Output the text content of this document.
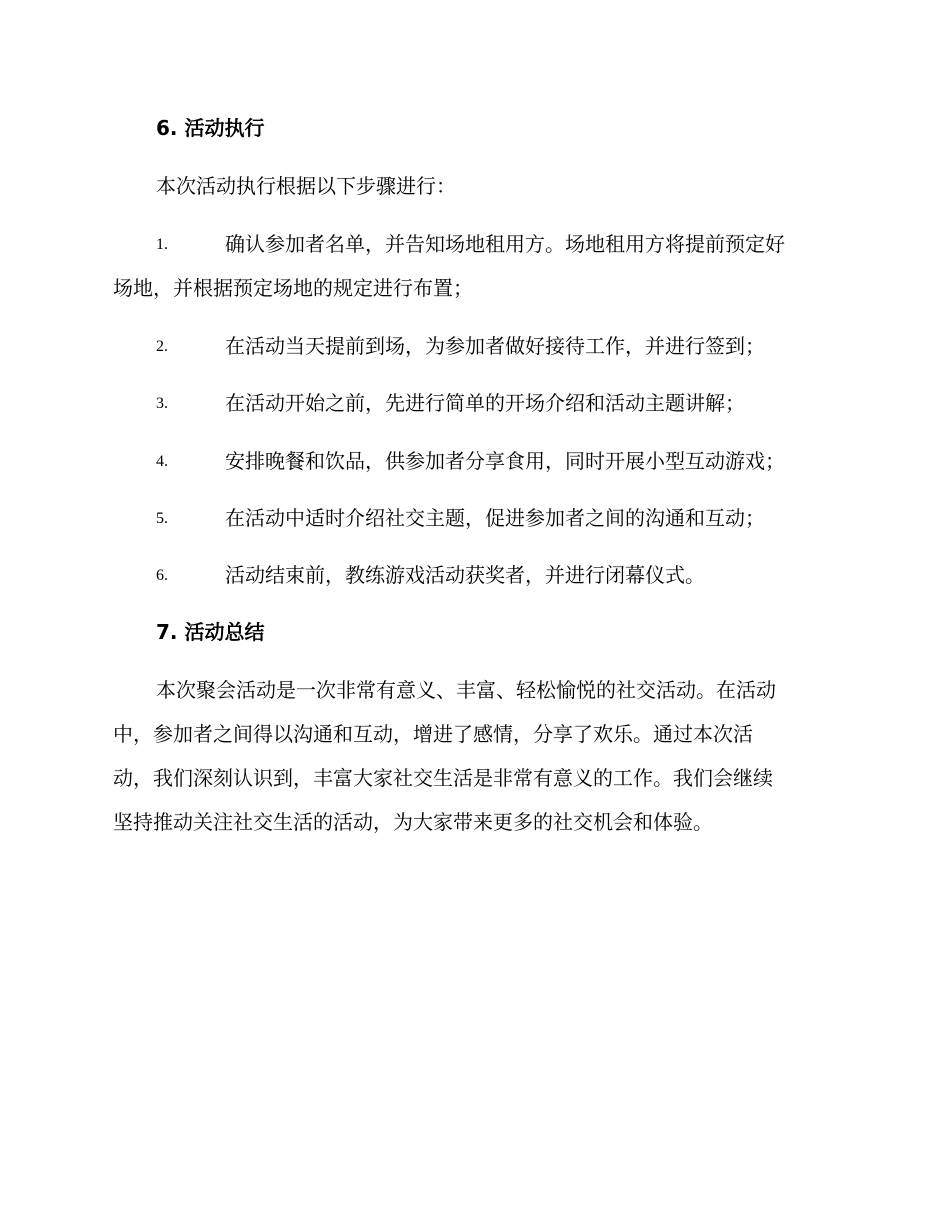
6. 活动执行
本次活动执行根据以下步骤进行：
1.	确认参加者名单，并告知场地租用方。场地租用方将提前预定好
场地，并根据预定场地的规定进行布置；
2.	在活动当天提前到场，为参加者做好接待工作，并进行签到；
3.	在活动开始之前，先进行简单的开场介绍和活动主题讲解；
4.	安排晚餐和饮品，供参加者分享食用，同时开展小型互动游戏；
5.	在活动中适时介绍社交主题，促进参加者之间的沟通和互动；
6.	活动结束前，教练游戏活动获奖者，并进行闭幕仪式。
7. 活动总结
本次聚会活动是一次非常有意义、丰富、轻松愉悦的社交活动。在活动
中，参加者之间得以沟通和互动，增进了感情，分享了欢乐。通过本次活
动，我们深刻认识到，丰富大家社交生活是非常有意义的工作。我们会继续
坚持推动关注社交生活的活动，为大家带来更多的社交机会和体验。
